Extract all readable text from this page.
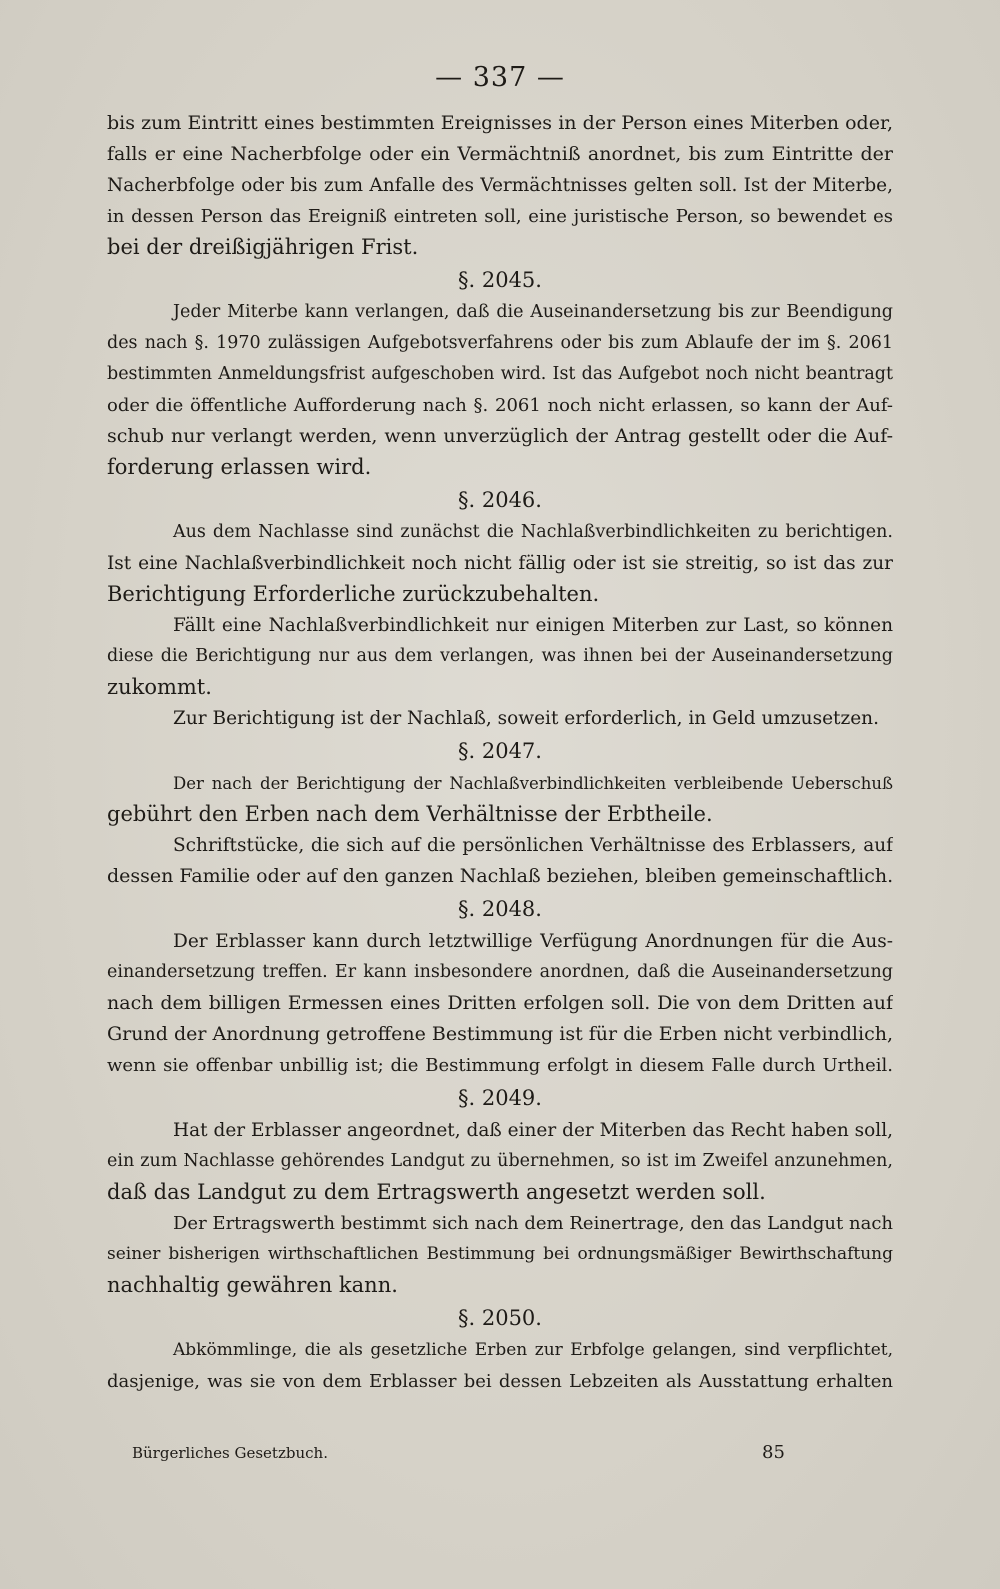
— 337 —
bis zum Eintritt eines bestimmten Ereignisses in der Person eines Miterben oder,
falls er eine Nacherbfolge oder ein Vermächtniß anordnet, bis zum Eintritte der
Nacherbfolge oder bis zum Anfalle des Vermächtnisses gelten soll. Ist der Miterbe,
in dessen Person das Ereigniß eintreten soll, eine juristische Person, so bewendet es
bei der dreißigjährigen Frist.
§. 2045.
Jeder Miterbe kann verlangen, daß die Auseinandersetzung bis zur Beendigung
des nach §. 1970 zulässigen Aufgebotsverfahrens oder bis zum Ablaufe der im §. 2061
bestimmten Anmeldungsfrist aufgeschoben wird. Ist das Aufgebot noch nicht beantragt
oder die öffentliche Aufforderung nach §. 2061 noch nicht erlassen, so kann der Auf-
schub nur verlangt werden, wenn unverzüglich der Antrag gestellt oder die Auf-
forderung erlassen wird.
§. 2046.
Aus dem Nachlasse sind zunächst die Nachlaßverbindlichkeiten zu berichtigen.
Ist eine Nachlaßverbindlichkeit noch nicht fällig oder ist sie streitig, so ist das zur
Berichtigung Erforderliche zurückzubehalten.
Fällt eine Nachlaßverbindlichkeit nur einigen Miterben zur Last, so können
diese die Berichtigung nur aus dem verlangen, was ihnen bei der Auseinandersetzung
zukommt.
Zur Berichtigung ist der Nachlaß, soweit erforderlich, in Geld umzusetzen.
§. 2047.
Der nach der Berichtigung der Nachlaßverbindlichkeiten verbleibende Ueberschuß
gebührt den Erben nach dem Verhältnisse der Erbtheile.
Schriftstücke, die sich auf die persönlichen Verhältnisse des Erblassers, auf
dessen Familie oder auf den ganzen Nachlaß beziehen, bleiben gemeinschaftlich.
§. 2048.
Der Erblasser kann durch letztwillige Verfügung Anordnungen für die Aus-
einandersetzung treffen. Er kann insbesondere anordnen, daß die Auseinandersetzung
nach dem billigen Ermessen eines Dritten erfolgen soll. Die von dem Dritten auf
Grund der Anordnung getroffene Bestimmung ist für die Erben nicht verbindlich,
wenn sie offenbar unbillig ist; die Bestimmung erfolgt in diesem Falle durch Urtheil.
§. 2049.
Hat der Erblasser angeordnet, daß einer der Miterben das Recht haben soll,
ein zum Nachlasse gehörendes Landgut zu übernehmen, so ist im Zweifel anzunehmen,
daß das Landgut zu dem Ertragswerth angesetzt werden soll.
Der Ertragswerth bestimmt sich nach dem Reinertrage, den das Landgut nach
seiner bisherigen wirthschaftlichen Bestimmung bei ordnungsmäßiger Bewirthschaftung
nachhaltig gewähren kann.
§. 2050.
Abkömmlinge, die als gesetzliche Erben zur Erbfolge gelangen, sind verpflichtet,
dasjenige, was sie von dem Erblasser bei dessen Lebzeiten als Ausstattung erhalten
Bürgerliches Gesetzbuch.	85
